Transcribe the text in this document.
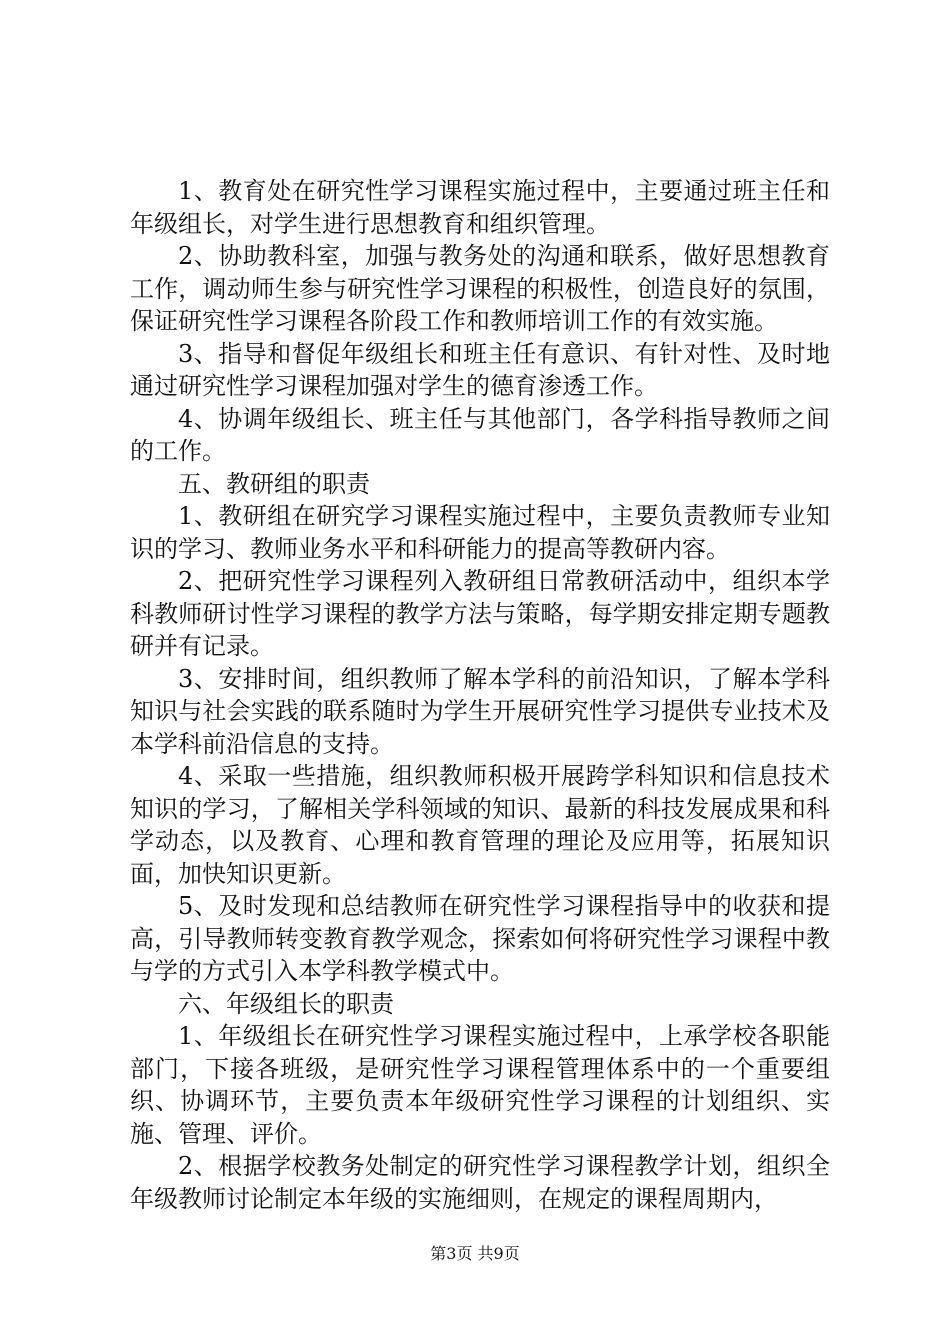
1、教育处在研究性学习课程实施过程中，主要通过班主任和年级组长，对学生进行思想教育和组织管理。

2、协助教科室，加强与教务处的沟通和联系，做好思想教育工作，调动师生参与研究性学习课程的积极性，创造良好的氛围，保证研究性学习课程各阶段工作和教师培训工作的有效实施。

3、指导和督促年级组长和班主任有意识、有针对性、及时地通过研究性学习课程加强对学生的德育渗透工作。

4、协调年级组长、班主任与其他部门，各学科指导教师之间的工作。

五、教研组的职责

1、教研组在研究学习课程实施过程中，主要负责教师专业知识的学习、教师业务水平和科研能力的提高等教研内容。

2、把研究性学习课程列入教研组日常教研活动中，组织本学科教师研讨性学习课程的教学方法与策略，每学期安排定期专题教研并有记录。

3、安排时间，组织教师了解本学科的前沿知识，了解本学科知识与社会实践的联系随时为学生开展研究性学习提供专业技术及本学科前沿信息的支持。

4、采取一些措施，组织教师积极开展跨学科知识和信息技术知识的学习，了解相关学科领域的知识、最新的科技发展成果和科学动态，以及教育、心理和教育管理的理论及应用等，拓展知识面，加快知识更新。

5、及时发现和总结教师在研究性学习课程指导中的收获和提高，引导教师转变教育教学观念，探索如何将研究性学习课程中教与学的方式引入本学科教学模式中。

六、年级组长的职责

1、年级组长在研究性学习课程实施过程中，上承学校各职能部门，下接各班级，是研究性学习课程管理体系中的一个重要组织、协调环节，主要负责本年级研究性学习课程的计划组织、实施、管理、评价。

2、根据学校教务处制定的研究性学习课程教学计划，组织全年级教师讨论制定本年级的实施细则，在规定的课程周期内，

第3页 共9页
